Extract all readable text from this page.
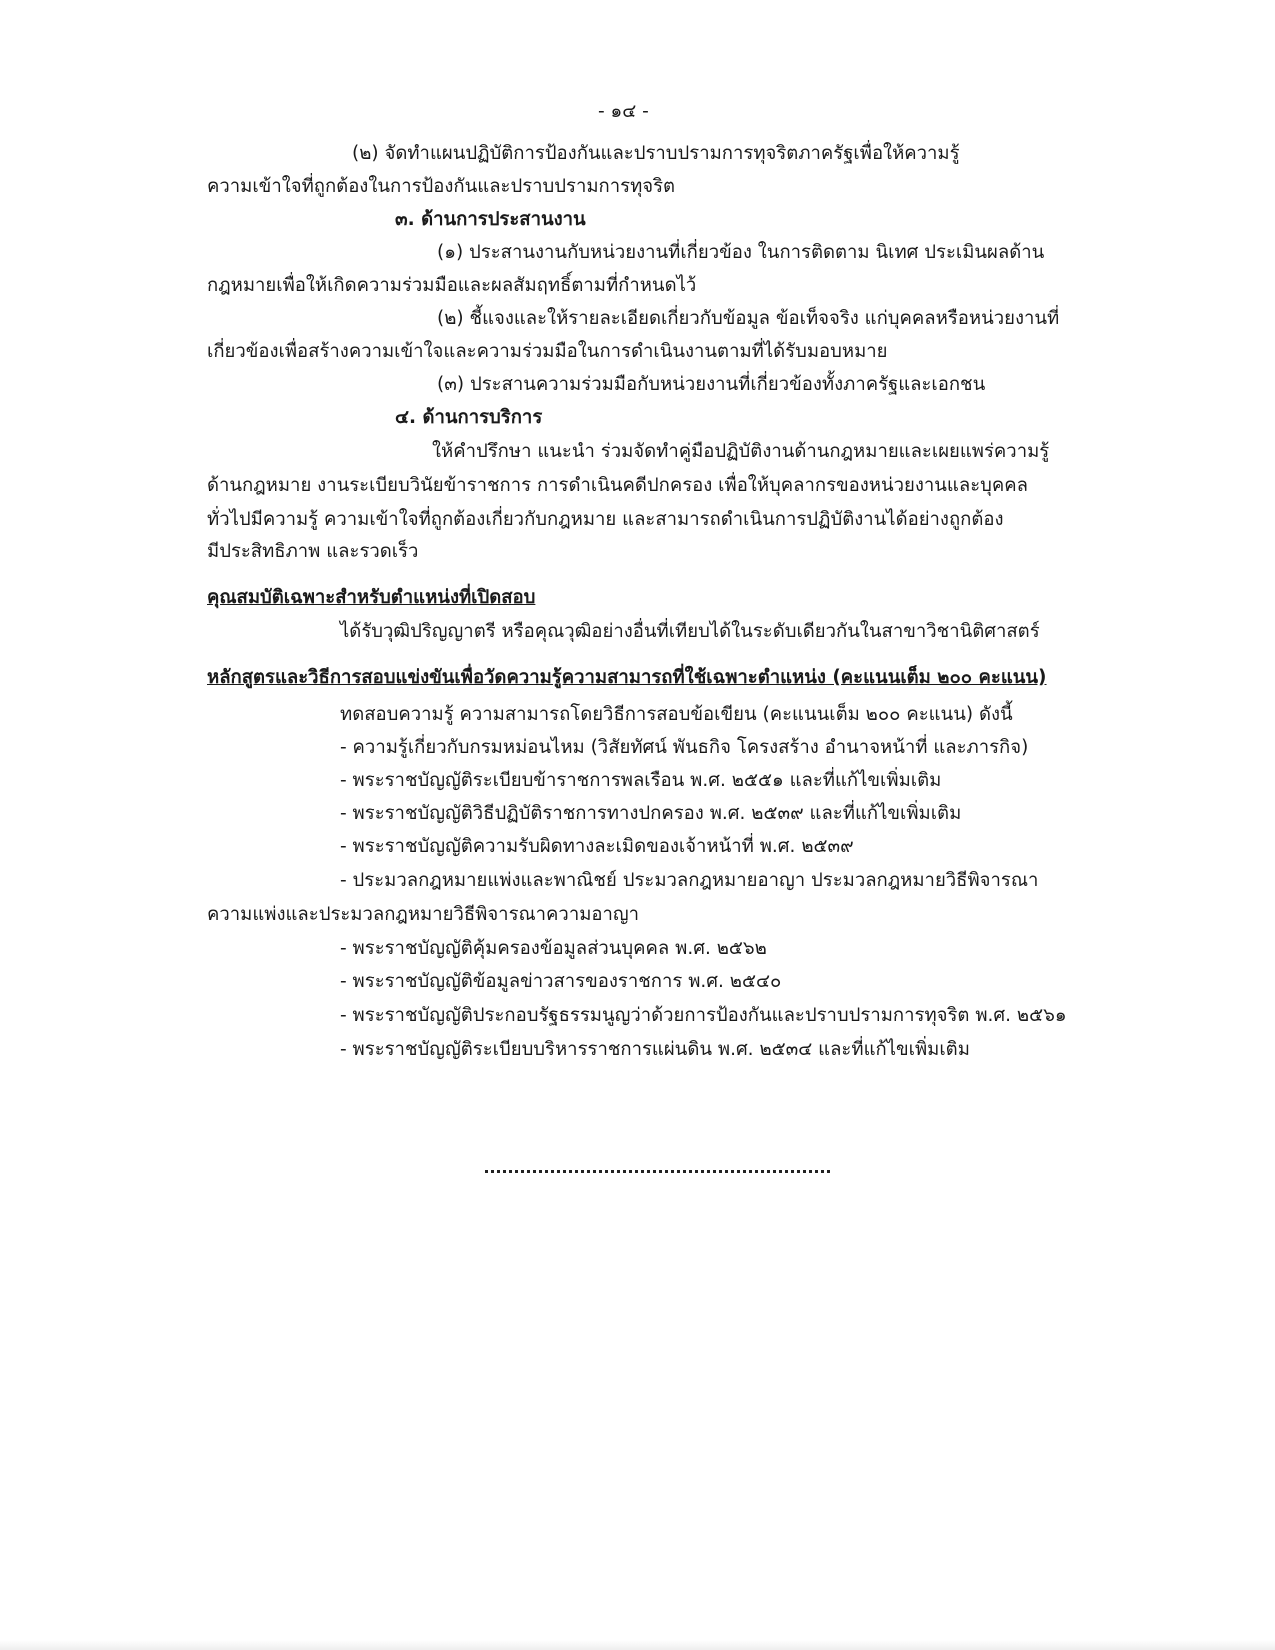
- ๑๔ -
(๒) จัดทำแผนปฏิบัติการป้องกันและปราบปรามการทุจริตภาครัฐเพื่อให้ความรู้
ความเข้าใจที่ถูกต้องในการป้องกันและปราบปรามการทุจริต
๓. ด้านการประสานงาน
(๑) ประสานงานกับหน่วยงานที่เกี่ยวข้อง ในการติดตาม นิเทศ ประเมินผลด้าน
กฎหมายเพื่อให้เกิดความร่วมมือและผลสัมฤทธิ์ตามที่กำหนดไว้
(๒) ชี้แจงและให้รายละเอียดเกี่ยวกับข้อมูล ข้อเท็จจริง แก่บุคคลหรือหน่วยงานที่
เกี่ยวข้องเพื่อสร้างความเข้าใจและความร่วมมือในการดำเนินงานตามที่ได้รับมอบหมาย
(๓) ประสานความร่วมมือกับหน่วยงานที่เกี่ยวข้องทั้งภาครัฐและเอกชน
๔. ด้านการบริการ
ให้คำปรึกษา แนะนำ ร่วมจัดทำคู่มือปฏิบัติงานด้านกฎหมายและเผยแพร่ความรู้
ด้านกฎหมาย งานระเบียบวินัยข้าราชการ การดำเนินคดีปกครอง เพื่อให้บุคลากรของหน่วยงานและบุคคล
ทั่วไปมีความรู้ ความเข้าใจที่ถูกต้องเกี่ยวกับกฎหมาย และสามารถดำเนินการปฏิบัติงานได้อย่างถูกต้อง
มีประสิทธิภาพ และรวดเร็ว
คุณสมบัติเฉพาะสำหรับตำแหน่งที่เปิดสอบ
ได้รับวุฒิปริญญาตรี หรือคุณวุฒิอย่างอื่นที่เทียบได้ในระดับเดียวกันในสาขาวิชานิติศาสตร์
หลักสูตรและวิธีการสอบแข่งขันเพื่อวัดความรู้ความสามารถที่ใช้เฉพาะตำแหน่ง (คะแนนเต็ม ๒๐๐ คะแนน)
ทดสอบความรู้ ความสามารถโดยวิธีการสอบข้อเขียน (คะแนนเต็ม ๒๐๐ คะแนน) ดังนี้
- ความรู้เกี่ยวกับกรมหม่อนไหม (วิสัยทัศน์ พันธกิจ โครงสร้าง อำนาจหน้าที่ และภารกิจ)
- พระราชบัญญัติระเบียบข้าราชการพลเรือน พ.ศ. ๒๕๕๑ และที่แก้ไขเพิ่มเติม
- พระราชบัญญัติวิธีปฏิบัติราชการทางปกครอง พ.ศ. ๒๕๓๙ และที่แก้ไขเพิ่มเติม
- พระราชบัญญัติความรับผิดทางละเมิดของเจ้าหน้าที่ พ.ศ. ๒๕๓๙
- ประมวลกฎหมายแพ่งและพาณิชย์ ประมวลกฎหมายอาญา ประมวลกฎหมายวิธีพิจารณา
ความแพ่งและประมวลกฎหมายวิธีพิจารณาความอาญา
- พระราชบัญญัติคุ้มครองข้อมูลส่วนบุคคล พ.ศ. ๒๕๖๒
- พระราชบัญญัติข้อมูลข่าวสารของราชการ พ.ศ. ๒๕๔๐
- พระราชบัญญัติประกอบรัฐธรรมนูญว่าด้วยการป้องกันและปราบปรามการทุจริต พ.ศ. ๒๕๖๑
- พระราชบัญญัติระเบียบบริหารราชการแผ่นดิน พ.ศ. ๒๕๓๔ และที่แก้ไขเพิ่มเติม
